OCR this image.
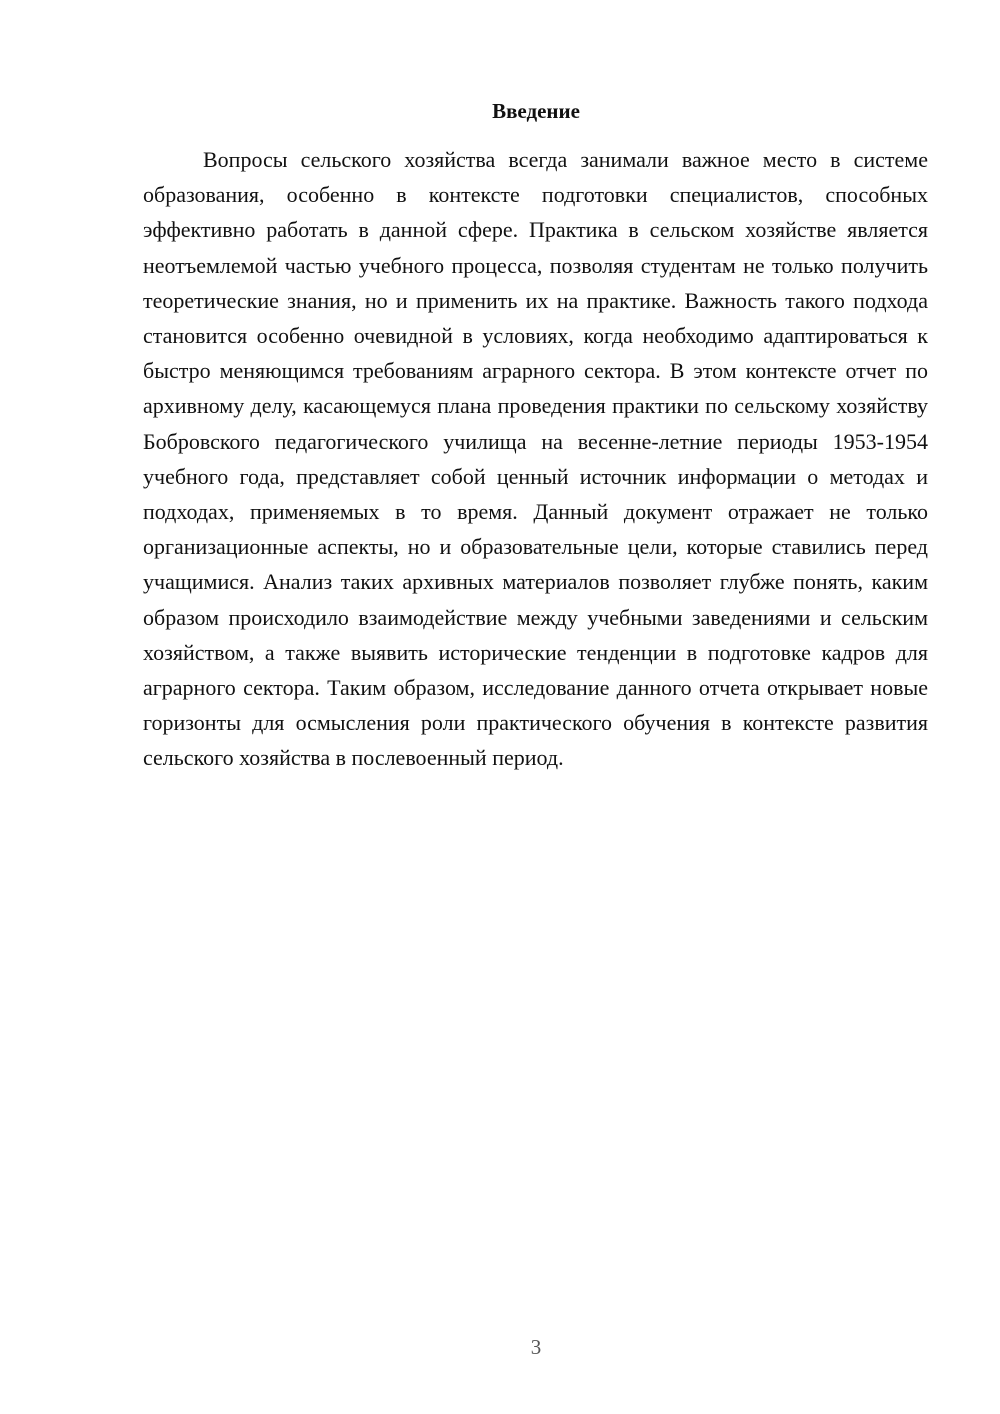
Введение

Вопросы сельского хозяйства всегда занимали важное место в системе образования, особенно в контексте подготовки специалистов, способных эффективно работать в данной сфере. Практика в сельском хозяйстве является неотъемлемой частью учебного процесса, позволяя студентам не только получить теоретические знания, но и применить их на практике. Важность такого подхода становится особенно очевидной в условиях, когда необходимо адаптироваться к быстро меняющимся требованиям аграрного сектора. В этом контексте отчет по архивному делу, касающемуся плана проведения практики по сельскому хозяйству Бобровского педагогического училища на весенне-летние периоды 1953-1954 учебного года, представляет собой ценный источник информации о методах и подходах, применяемых в то время. Данный документ отражает не только организационные аспекты, но и образовательные цели, которые ставились перед учащимися. Анализ таких архивных материалов позволяет глубже понять, каким образом происходило взаимодействие между учебными заведениями и сельским хозяйством, а также выявить исторические тенденции в подготовке кадров для аграрного сектора. Таким образом, исследование данного отчета открывает новые горизонты для осмысления роли практического обучения в контексте развития сельского хозяйства в послевоенный период.

3
